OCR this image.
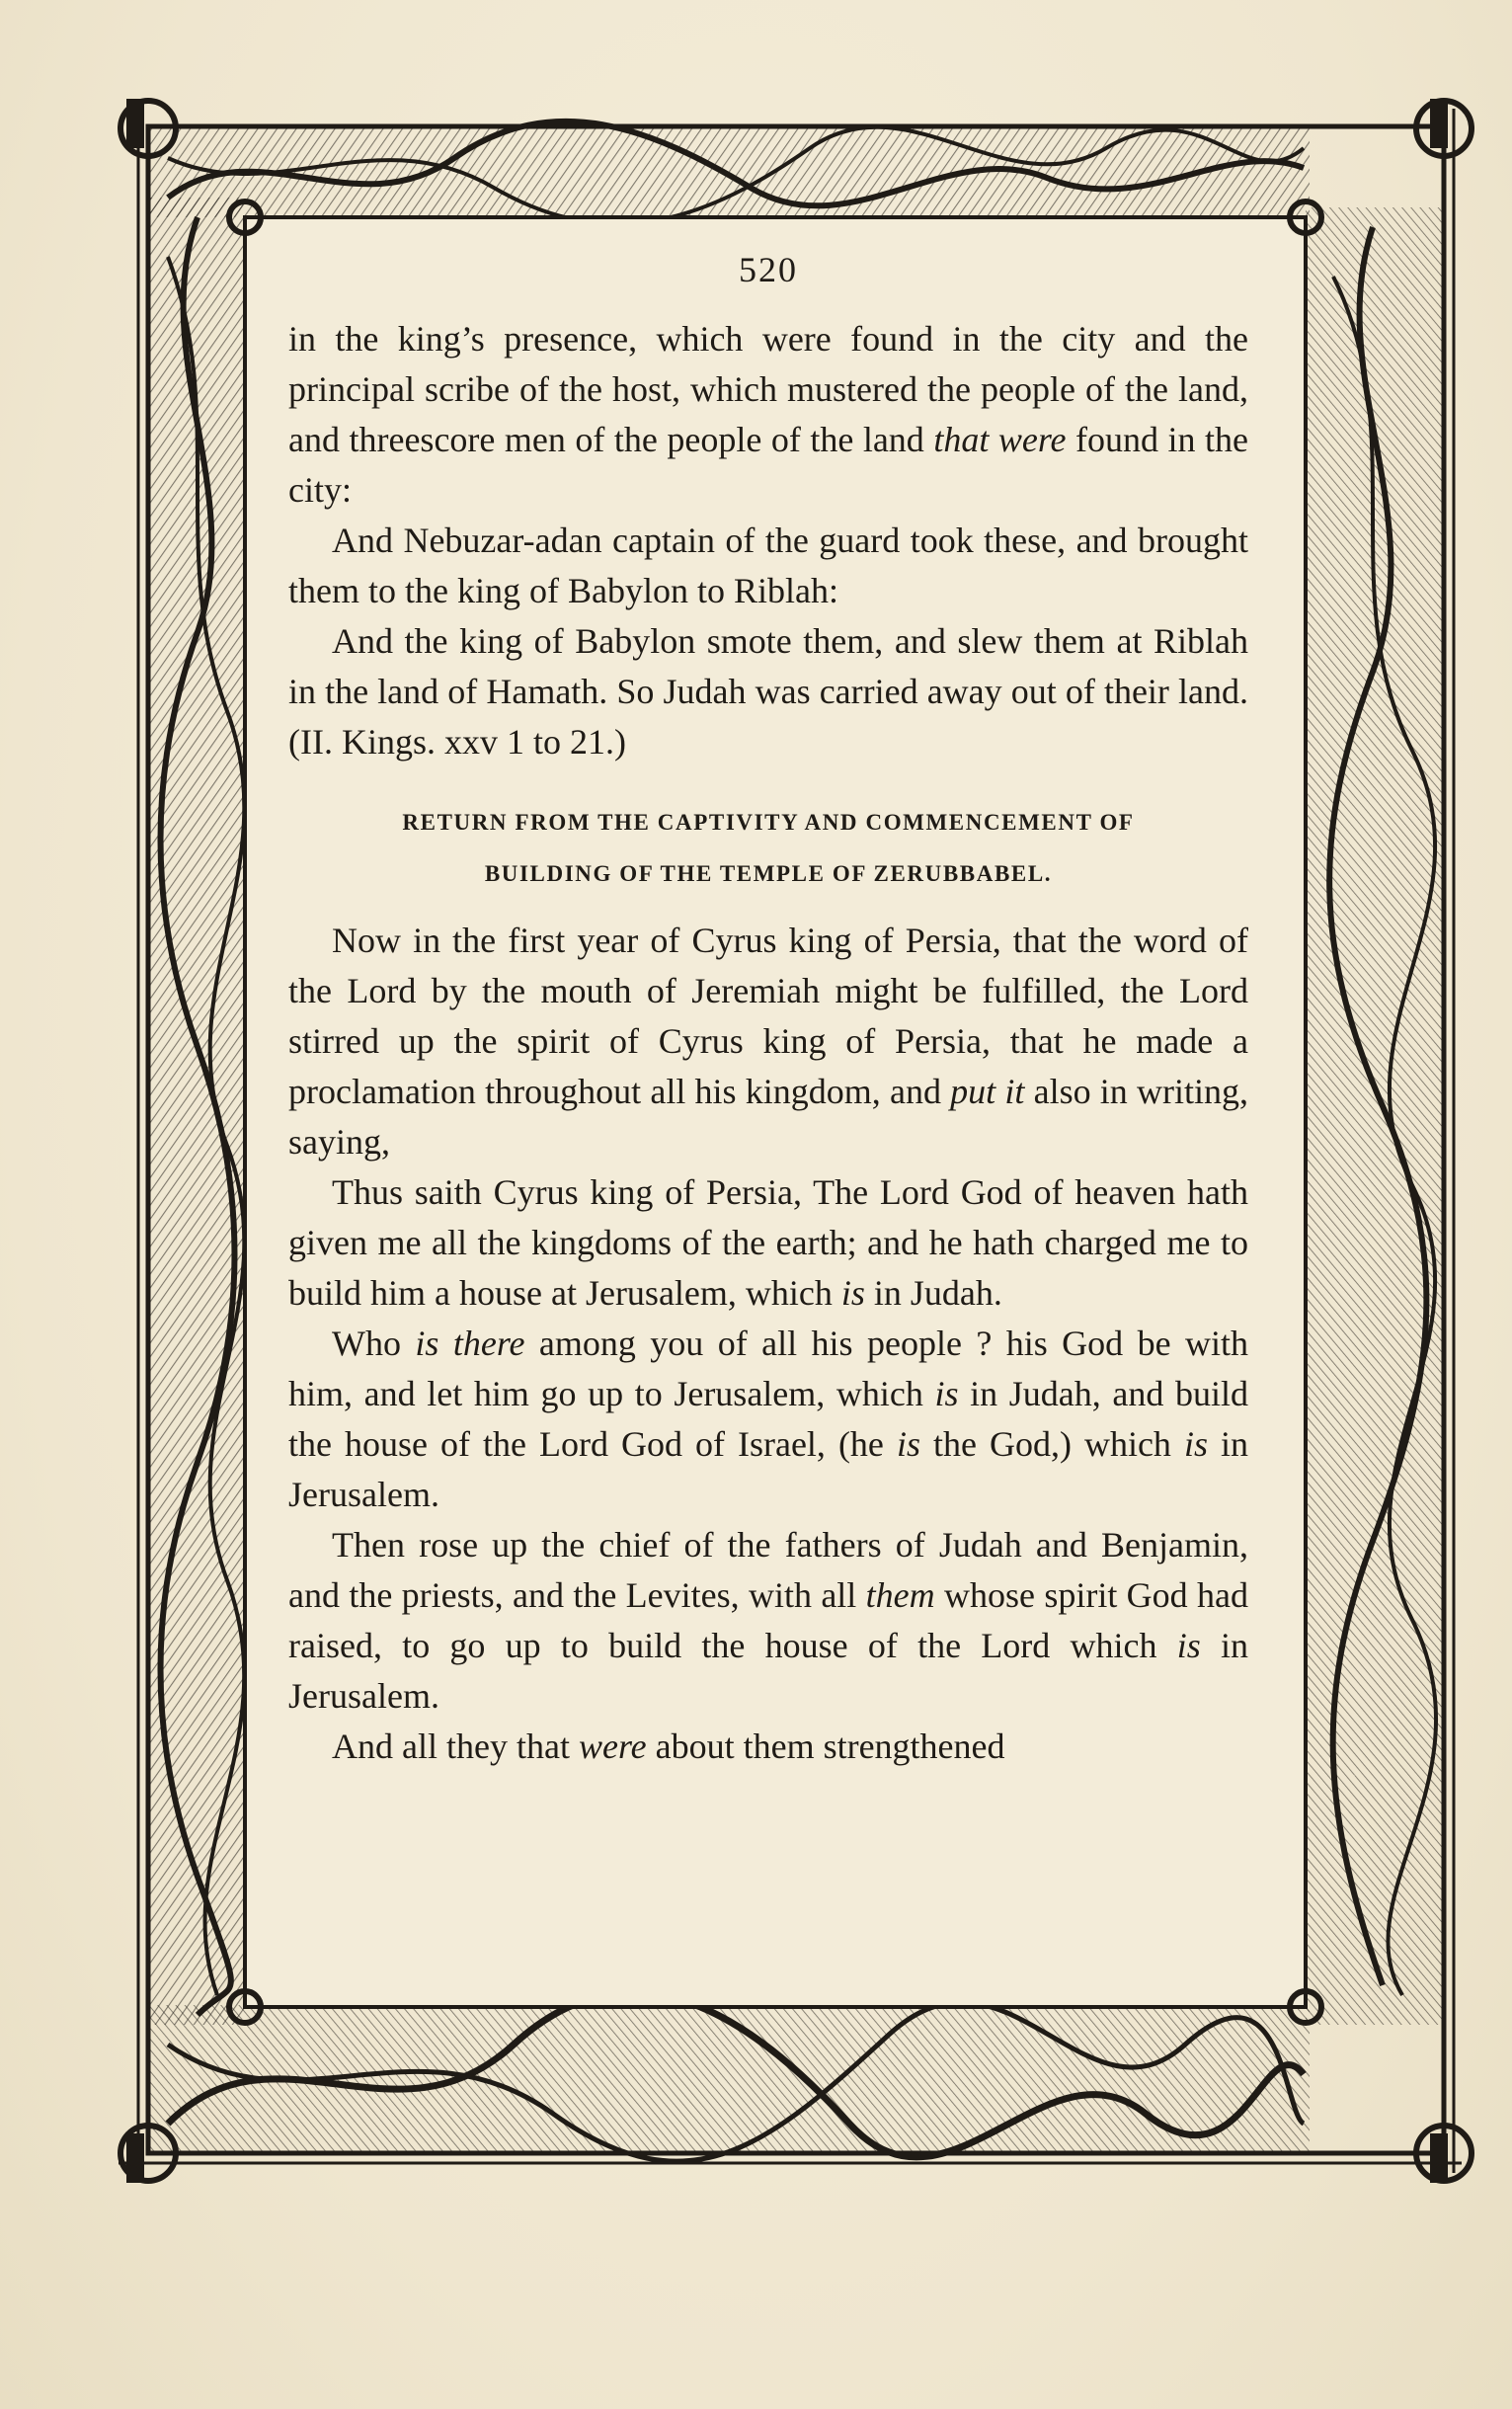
520

in the king’s presence, which were found in the city and the principal scribe of the host, which mustered the people of the land, and threescore men of the people of the land that were found in the city:

And Nebuzar-adan captain of the guard took these, and brought them to the king of Babylon to Riblah:

And the king of Babylon smote them, and slew them at Riblah in the land of Hamath. So Judah was carried away out of their land. (II. Kings. xxv 1 to 21.)

RETURN FROM THE CAPTIVITY AND COMMENCEMENT OF
BUILDING OF THE TEMPLE OF ZERUBBABEL.

Now in the first year of Cyrus king of Persia, that the word of the Lord by the mouth of Jeremiah might be fulfilled, the Lord stirred up the spirit of Cyrus king of Persia, that he made a proclamation throughout all his kingdom, and put it also in writing, saying,

Thus saith Cyrus king of Persia, The Lord God of heaven hath given me all the kingdoms of the earth; and he hath charged me to build him a house at Jerusalem, which is in Judah.

Who is there among you of all his people ? his God be with him, and let him go up to Jerusalem, which is in Judah, and build the house of the Lord God of Israel, (he is the God,) which is in Jerusalem.

Then rose up the chief of the fathers of Judah and Benjamin, and the priests, and the Levites, with all them whose spirit God had raised, to go up to build the house of the Lord which is in Jerusalem.

And all they that were about them strengthened
